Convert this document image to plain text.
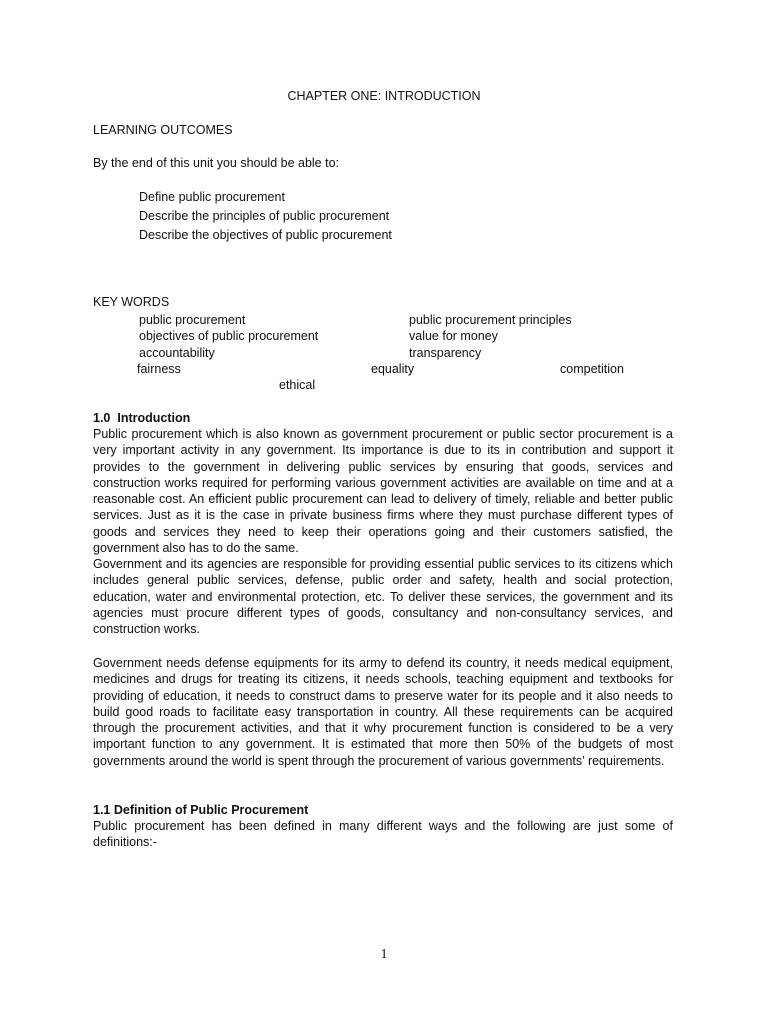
CHAPTER ONE: INTRODUCTION
LEARNING OUTCOMES
By the end of this unit you should be able to:
Define public procurement
Describe the principles of public procurement
Describe the objectives of public procurement
KEY WORDS
public procurement	public procurement principles
objectives of public procurement	value for money
accountability	transparency
fairness	equality	competition
ethical
1.0 Introduction
Public procurement which is also known as government procurement or public sector procurement is a very important activity in any government. Its importance is due to its in contribution and support it provides to the government in delivering public services by ensuring that goods, services and construction works required for performing various government activities are available on time and at a reasonable cost. An efficient public procurement can lead to delivery of timely, reliable and better public services. Just as it is the case in private business firms where they must purchase different types of goods and services they need to keep their operations going and their customers satisfied, the government also has to do the same.
Government and its agencies are responsible for providing essential public services to its citizens which includes general public services, defense, public order and safety, health and social protection, education, water and environmental protection, etc. To deliver these services, the government and its agencies must procure different types of goods, consultancy and non-consultancy services, and construction works.
Government needs defense equipments for its army to defend its country, it needs medical equipment, medicines and drugs for treating its citizens, it needs schools, teaching equipment and textbooks for providing of education, it needs to construct dams to preserve water for its people and it also needs to build good roads to facilitate easy transportation in country. All these requirements can be acquired through the procurement activities, and that it why procurement function is considered to be a very important function to any government. It is estimated that more then 50% of the budgets of most governments around the world is spent through the procurement of various governments’ requirements.
1.1 Definition of Public Procurement
Public procurement has been defined in many different ways and the following are just some of definitions:-
1
